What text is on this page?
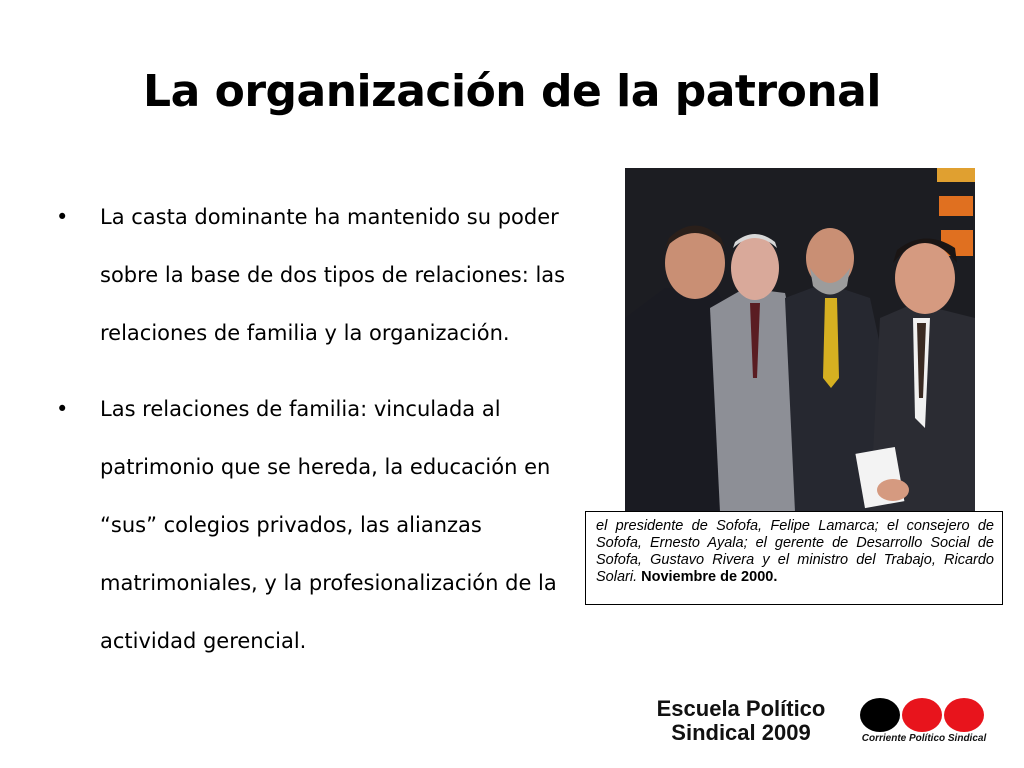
La organización de la patronal
• La casta dominante ha mantenido su poder sobre la base de dos tipos de relaciones: las relaciones de familia y la organización.
• Las relaciones de familia: vinculada al patrimonio que se hereda, la educación en “sus” colegios privados, las alianzas matrimoniales, y la profesionalización de la actividad gerencial.
el presidente de Sofofa, Felipe Lamarca; el consejero de Sofofa, Ernesto Ayala; el gerente de Desarrollo Social de Sofofa, Gustavo Rivera y el ministro del Trabajo, Ricardo Solari. Noviembre de 2000.
Escuela Político
Sindical 2009	Corriente Político Sindical
